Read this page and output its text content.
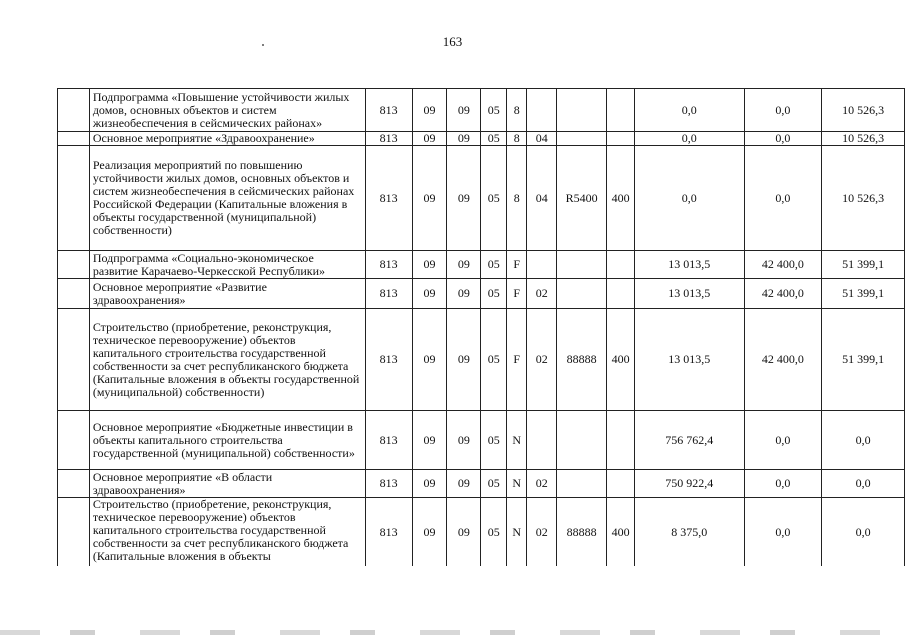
163
	Подпрограмма «Повышение устойчивости жилых домов, основных объектов и систем жизнеобеспечения в сейсмических районах»	813	09	09	05	8				0,0	0,0	10 526,3
	Основное мероприятие «Здравоохранение»	813	09	09	05	8	04			0,0	0,0	10 526,3
	Реализация мероприятий по повышению устойчивости жилых домов, основных объектов и систем жизнеобеспечения в сейсмических районах Российской Федерации (Капитальные вложения в объекты государственной (муниципальной) собственности)	813	09	09	05	8	04	R5400	400	0,0	0,0	10 526,3
	Подпрограмма «Социально-экономическое развитие Карачаево-Черкесской Республики»	813	09	09	05	F				13 013,5	42 400,0	51 399,1
	Основное мероприятие «Развитие здравоохранения»	813	09	09	05	F	02			13 013,5	42 400,0	51 399,1
	Строительство (приобретение, реконструкция, техническое перевооружение) объектов капитального строительства государственной собственности за счет республиканского бюджета (Капитальные вложения в объекты государственной (муниципальной) собственности)	813	09	09	05	F	02	88888	400	13 013,5	42 400,0	51 399,1
	Основное мероприятие «Бюджетные инвестиции в объекты капитального строительства государственной (муниципальной) собственности»	813	09	09	05	N				756 762,4	0,0	0,0
	Основное мероприятие «В области здравоохранения»	813	09	09	05	N	02			750 922,4	0,0	0,0
	Строительство (приобретение, реконструкция, техническое перевооружение) объектов капитального строительства государственной собственности за счет республиканского бюджета (Капитальные вложения в объекты	813	09	09	05	N	02	88888	400	8 375,0	0,0	0,0
